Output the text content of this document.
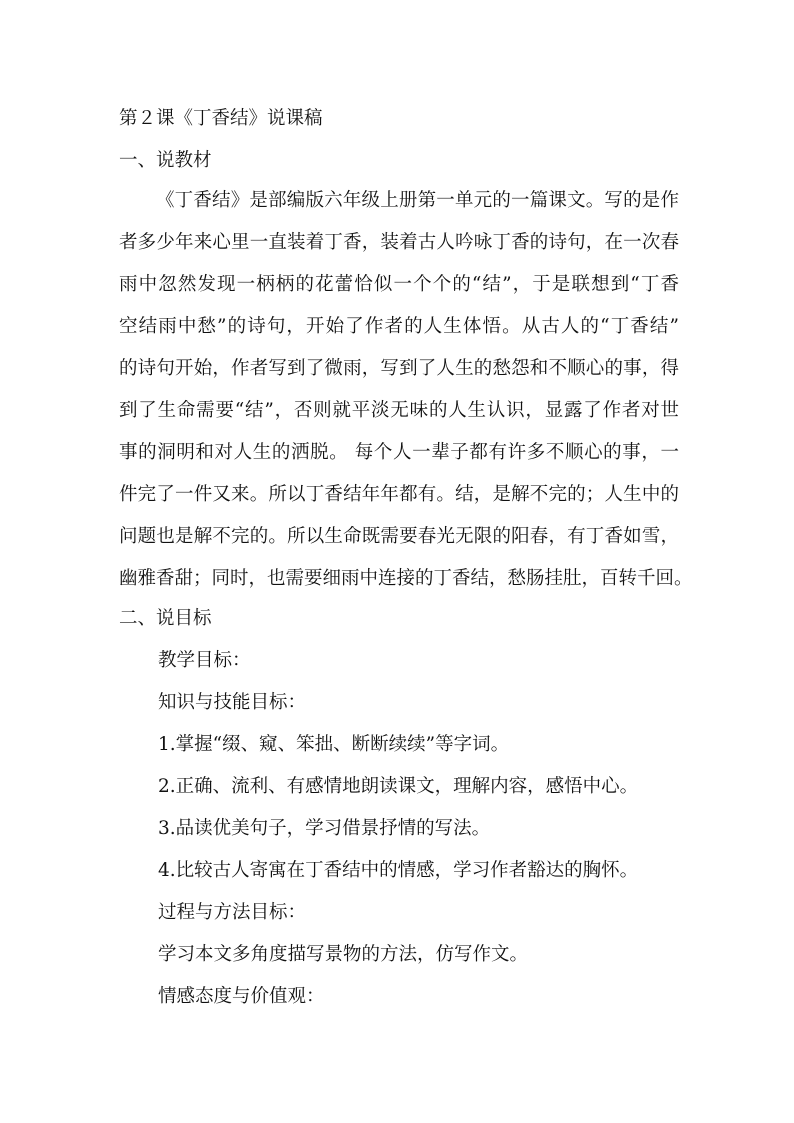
第２课《丁香结》说课稿
一、说教材
《丁香结》是部编版六年级上册第一单元的一篇课文。写的是作
者多少年来心里一直装着丁香，装着古人吟咏丁香的诗句，在一次春
雨中忽然发现一柄柄的花蕾恰似一个个的“结”，于是联想到“丁香
空结雨中愁”的诗句，开始了作者的人生体悟。从古人的“丁香结”
的诗句开始，作者写到了微雨，写到了人生的愁怨和不顺心的事，得
到了生命需要“结”，否则就平淡无味的人生认识，显露了作者对世
事的洞明和对人生的洒脱。 每个人一辈子都有许多不顺心的事，一
件完了一件又来。所以丁香结年年都有。结，是解不完的；人生中的
问题也是解不完的。所以生命既需要春光无限的阳春，有丁香如雪，
幽雅香甜；同时，也需要细雨中连接的丁香结，愁肠挂肚，百转千回。
二、说目标
教学目标：
知识与技能目标：
1.掌握“缀、窥、笨拙、断断续续”等字词。
2.正确、流利、有感情地朗读课文，理解内容，感悟中心。
3.品读优美句子，学习借景抒情的写法。
4.比较古人寄寓在丁香结中的情感，学习作者豁达的胸怀。
过程与方法目标：
学习本文多角度描写景物的方法，仿写作文。
情感态度与价值观：
